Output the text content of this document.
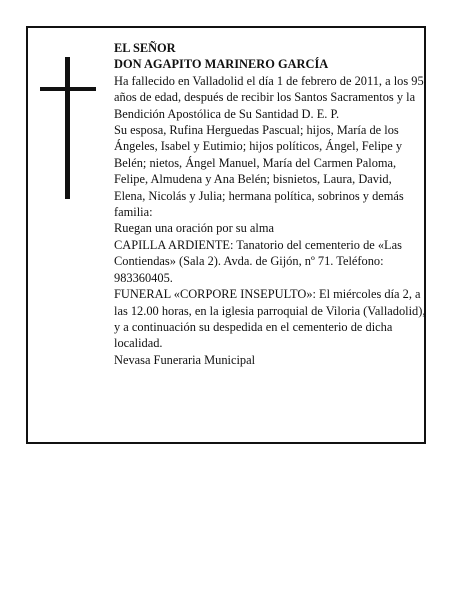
EL SEÑOR

DON AGAPITO MARINERO GARCÍA

Ha fallecido en Valladolid el día 1 de febrero de 2011, a los 95 años de edad, después de recibir los Santos Sacramentos y la Bendición Apostólica de Su Santidad D. E. P.

Su esposa, Rufina Herguedas Pascual; hijos, María de los Ángeles, Isabel y Eutimio; hijos políticos, Ángel, Felipe y Belén; nietos, Ángel Manuel, María del Carmen Paloma, Felipe, Almudena y Ana Belén; bisnietos, Laura, David, Elena, Nicolás y Julia; hermana política, sobrinos y demás familia:

Ruegan una oración por su alma

CAPILLA ARDIENTE: Tanatorio del cementerio de «Las Contiendas» (Sala 2). Avda. de Gijón, nº 71. Teléfono: 983360405.

FUNERAL «CORPORE INSEPULTO»: El miércoles día 2, a las 12.00 horas, en la iglesia parroquial de Viloria (Valladolid), y a continuación su despedida en el cementerio de dicha localidad.

Nevasa Funeraria Municipal
